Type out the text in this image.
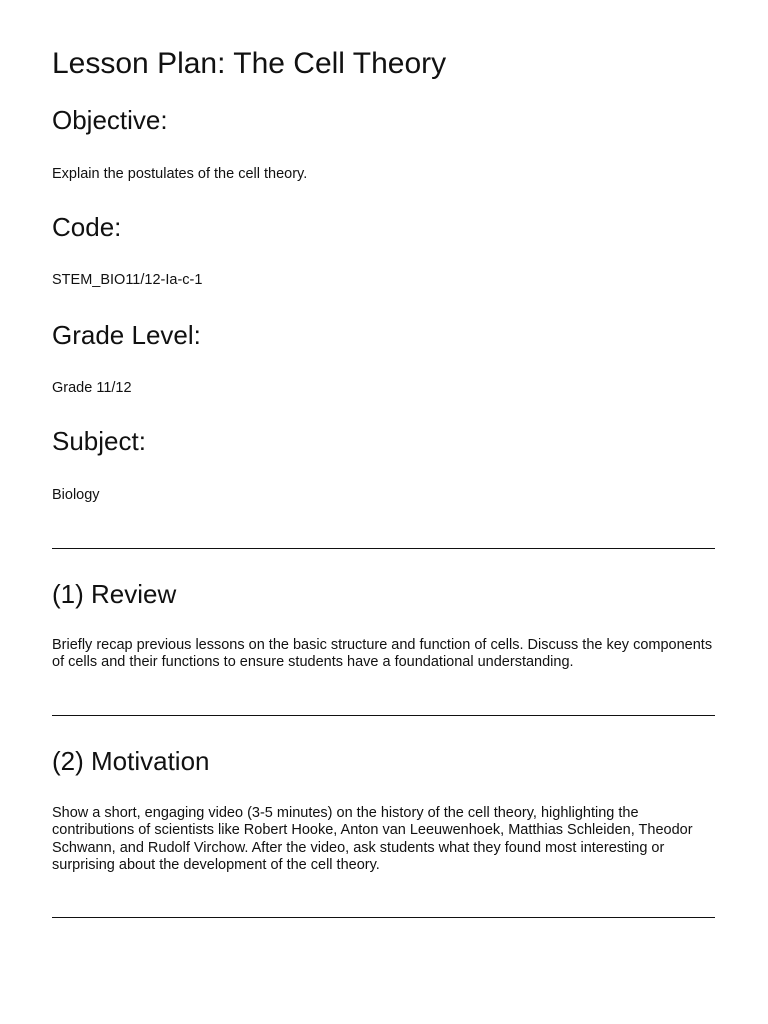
Lesson Plan: The Cell Theory
Objective:

Explain the postulates of the cell theory.

Code:

STEM_BIO11/12-Ia-c-1

Grade Level:

Grade 11/12

Subject:

Biology

(1) Review

Briefly recap previous lessons on the basic structure and function of cells. Discuss the key components of cells and their functions to ensure students have a foundational understanding.

(2) Motivation

Show a short, engaging video (3-5 minutes) on the history of the cell theory, highlighting the contributions of scientists like Robert Hooke, Anton van Leeuwenhoek, Matthias Schleiden, Theodor Schwann, and Rudolf Virchow. After the video, ask students what they found most interesting or surprising about the development of the cell theory.
